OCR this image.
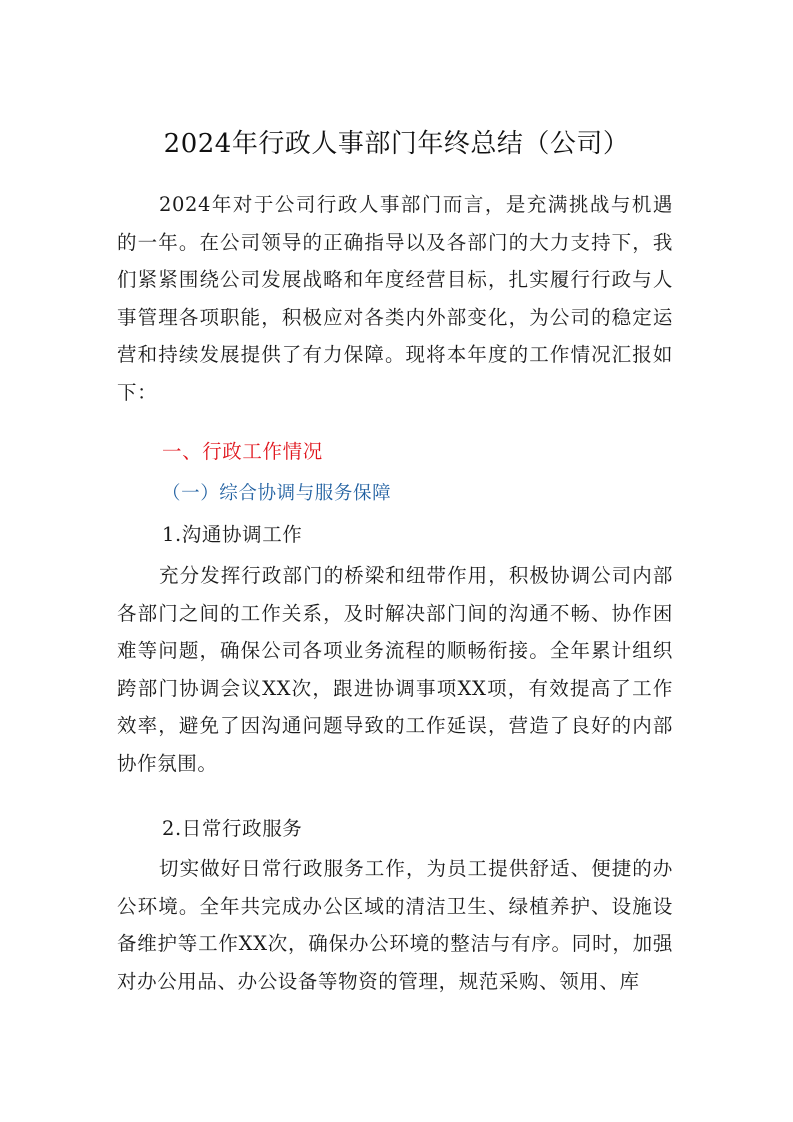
2024年行政人事部门年终总结（公司）

2024年对于公司行政人事部门而言，是充满挑战与机遇的一年。在公司领导的正确指导以及各部门的大力支持下，我们紧紧围绕公司发展战略和年度经营目标，扎实履行行政与人事管理各项职能，积极应对各类内外部变化，为公司的稳定运营和持续发展提供了有力保障。现将本年度的工作情况汇报如下：

一、行政工作情况
（一）综合协调与服务保障
1.沟通协调工作

充分发挥行政部门的桥梁和纽带作用，积极协调公司内部各部门之间的工作关系，及时解决部门间的沟通不畅、协作困难等问题，确保公司各项业务流程的顺畅衔接。全年累计组织跨部门协调会议XX次，跟进协调事项XX项，有效提高了工作效率，避免了因沟通问题导致的工作延误，营造了良好的内部协作氛围。

2.日常行政服务

切实做好日常行政服务工作，为员工提供舒适、便捷的办公环境。全年共完成办公区域的清洁卫生、绿植养护、设施设备维护等工作XX次，确保办公环境的整洁与有序。同时，加强对办公用品、办公设备等物资的管理，规范采购、领用、库
